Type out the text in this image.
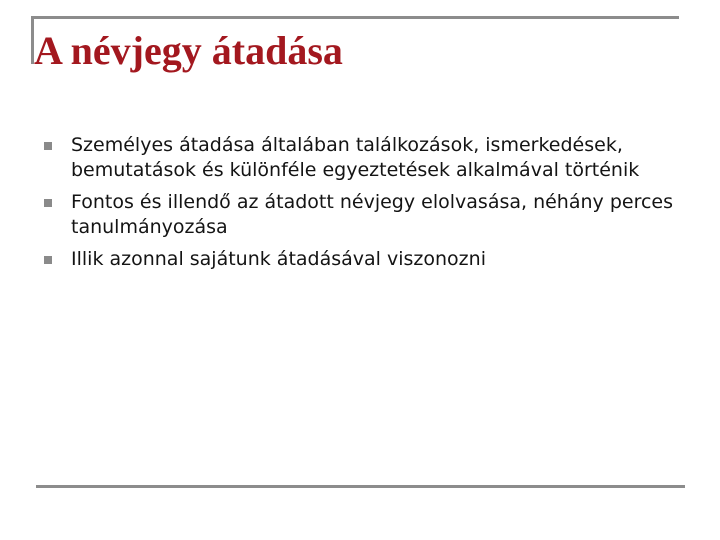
A névjegy átadása
Személyes átadása általában találkozások, ismerkedések, bemutatások és különféle egyeztetések alkalmával történik
Fontos és illendő az átadott névjegy elolvasása, néhány perces tanulmányozása
Illik azonnal sajátunk átadásával viszonozni
